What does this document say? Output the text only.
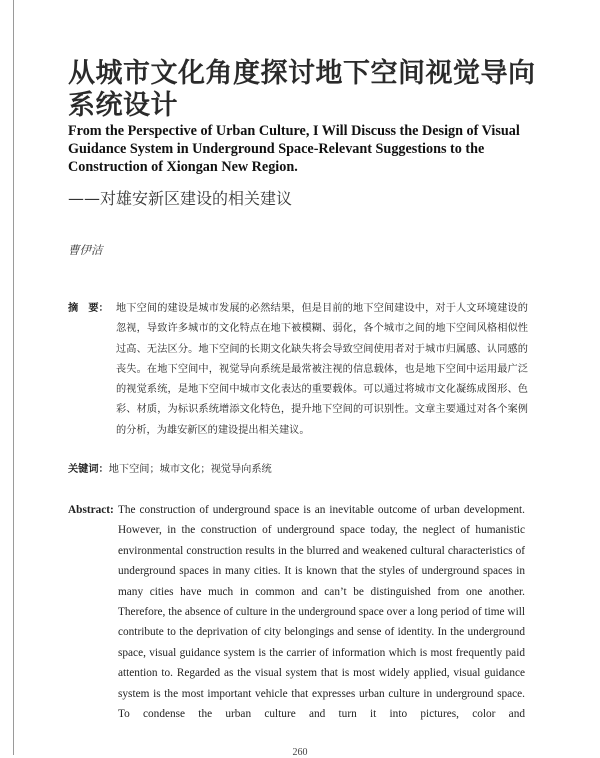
从城市文化角度探讨地下空间视觉导向系统设计
From the Perspective of Urban Culture, I Will Discuss the Design of Visual Guidance System in Underground Space-Relevant Suggestions to the Construction of Xiongan New Region.
——对雄安新区建设的相关建议
曹伊洁
摘　要： 地下空间的建设是城市发展的必然结果，但是目前的地下空间建设中，对于人文环境建设的忽视，导致许多城市的文化特点在地下被模糊、弱化，各个城市之间的地下空间风格相似性过高、无法区分。地下空间的长期文化缺失将会导致空间使用者对于城市归属感、认同感的丧失。在地下空间中，视觉导向系统是最常被注视的信息载体，也是地下空间中运用最广泛的视觉系统，是地下空间中城市文化表达的重要载体。可以通过将城市文化凝练成图形、色彩、材质，为标识系统增添文化特色，提升地下空间的可识别性。文章主要通过对各个案例的分析，为雄安新区的建设提出相关建议。
关键词：地下空间；城市文化；视觉导向系统
Abstract: The construction of underground space is an inevitable outcome of urban development. However, in the construction of underground space today, the neglect of humanistic environmental construction results in the blurred and weakened cultural characteristics of underground spaces in many cities. It is known that the styles of underground spaces in many cities have much in common and can’t be distinguished from one another. Therefore, the absence of culture in the underground space over a long period of time will contribute to the deprivation of city belongings and sense of identity. In the underground space, visual guidance system is the carrier of information which is most frequently paid attention to. Regarded as the visual system that is most widely applied, visual guidance system is the most important vehicle that expresses urban culture in underground space. To condense the urban culture and turn it into pictures, color and
260
